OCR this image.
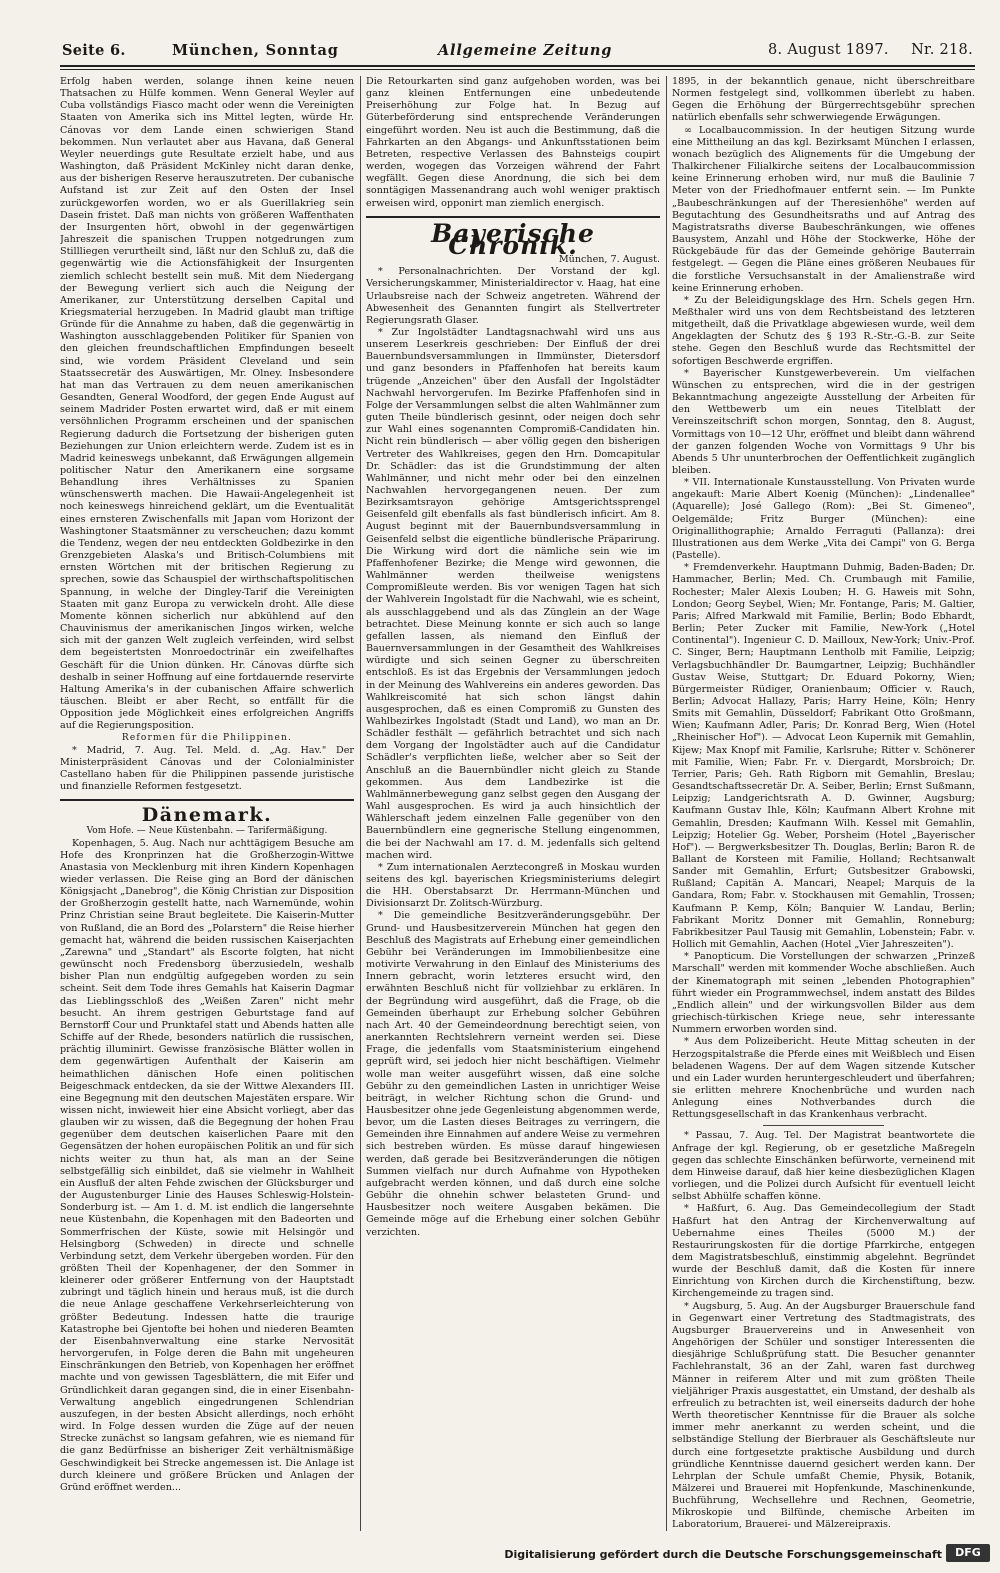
Seite 6.	München, Sonntag	Allgemeine Zeitung	8. August 1897. Nr. 218.

Erfolg haben werden, solange ihnen keine neuen Thatsachen zu Hülfe kommen. Wenn General Weyler auf Cuba vollständigs Fiasco macht oder wenn die Vereinigten Staaten von Amerika sich ins Mittel legten, würde Hr. Cánovas vor dem Lande einen schwierigen Stand bekommen. Nun verlautet aber aus Havana, daß General Weyler neuerdings gute Resultate erzielt habe, und aus Washington, daß Präsident McKinley nicht daran denke, aus der bisherigen Reserve herauszutreten. Der cubanische Aufstand ist zur Zeit auf den Osten der Insel zurückgeworfen worden, wo er als Guerillakrieg sein Dasein fristet. Daß man nichts von größeren Waffenthaten der Insurgenten hört, obwohl in der gegenwärtigen Jahreszeit die spanischen Truppen notgedrungen zum Stillliegen verurtheilt sind, läßt nur den Schluß zu, daß die gegenwärtig wie die Actionsfähigkeit der Insurgenten ziemlich schlecht bestellt sein muß. Mit dem Niedergang der Bewegung verliert sich auch die Neigung der Amerikaner, zur Unterstützung derselben Capital und Kriegsmaterial herzugeben. In Madrid glaubt man triftige Gründe für die Annahme zu haben, daß die gegenwärtig in Washington ausschlaggebenden Politiker für Spanien von den gleichen freundschaftlichen Empfindungen beseelt sind, wie vordem Präsident Cleveland und sein Staatssecretär des Auswärtigen, Mr. Olney. Insbesondere hat man das Vertrauen zu dem neuen amerikanischen Gesandten, General Woodford, der gegen Ende August auf seinem Madrider Posten erwartet wird, daß er mit einem versöhnlichen Programm erscheinen und der spanischen Regierung dadurch die Fortsetzung der bisherigen guten Beziehungen zur Union erleichtern werde. Zudem ist es in Madrid keineswegs unbekannt, daß Erwägungen allgemein politischer Natur den Amerikanern eine sorgsame Behandlung ihres Verhältnisses zu Spanien wünschenswerth machen. Die Hawaii-Angelegenheit ist noch keineswegs hinreichend geklärt, um die Eventualität eines ernsteren Zwischenfalls mit Japan vom Horizont der Washingtoner Staatsmänner zu verscheuchen; dazu kommt die Tendenz, wegen der neu entdeckten Goldbezirke in den Grenzgebieten Alaska's und Britisch-Columbiens mit ernsten Wörtchen mit der britischen Regierung zu sprechen, sowie das Schauspiel der wirthschaftspolitischen Spannung, in welche der Dingley-Tarif die Vereinigten Staaten mit ganz Europa zu verwickeln droht. Alle diese Momente können sicherlich nur abkühlend auf den Chauvinismus der amerikanischen Jingos wirken, welche sich mit der ganzen Welt zugleich verfeinden, wird selbst dem begeistertsten Monroedoctrinär ein zweifelhaftes Geschäft für die Union dünken. Hr. Cánovas dürfte sich deshalb in seiner Hoffnung auf eine fortdauernde reservirte Haltung Amerika's in der cubanischen Affaire schwerlich täuschen. Bleibt er aber Recht, so entfällt für die Opposition jede Möglichkeit eines erfolgreichen Angriffs auf die Regierungsposition.

Reformen für die Philippinen.

* Madrid, 7. Aug. Tel. Meld. d. „Ag. Hav." Der Ministerpräsident Cánovas und der Colonialminister Castellano haben für die Philippinen passende juristische und finanzielle Reformen festgesetzt.

Dänemark.

Vom Hofe. — Neue Küstenbahn. — Tarifermäßigung.

Kopenhagen, 5. Aug. Nach nur achttägigem Besuche am Hofe des Kronprinzen hat die Großherzogin-Wittwe Anastasia von Mecklenburg mit ihren Kindern Kopenhagen wieder verlassen. Die Reise ging an Bord der dänischen Königsjacht „Danebrog", die König Christian zur Disposition der Großherzogin gestellt hatte, nach Warnemünde, wohin Prinz Christian seine Braut begleitete. Die Kaiserin-Mutter von Rußland, die an Bord des „Polarstern" die Reise hierher gemacht hat, während die beiden russischen Kaiserjachten „Zarewna" und „Standart" als Escorte folgten, hat nicht gewünscht noch Fredensborg überzusiedeln, weshalb bisher Plan nun endgültig aufgegeben worden zu sein scheint. Seit dem Tode ihres Gemahls hat Kaiserin Dagmar das Lieblingsschloß des „Weißen Zaren" nicht mehr besucht. An ihrem gestrigen Geburtstage fand auf Bernstorff Cour und Prunktafel statt und Abends hatten alle Schiffe auf der Rhede, besonders natürlich die russischen, prächtig illuminirt. Gewisse französische Blätter wollen in dem gegenwärtigen Aufenthalt der Kaiserin am heimathlichen dänischen Hofe einen politischen Beigeschmack entdecken, da sie der Wittwe Alexanders III. eine Begegnung mit den deutschen Majestäten erspare. Wir wissen nicht, inwieweit hier eine Absicht vorliegt, aber das glauben wir zu wissen, daß die Begegnung der hohen Frau gegenüber dem deutschen kaiserlichen Paare mit den Gegensätzen der hohen europäischen Politik an und für sich nichts weiter zu thun hat, als man an der Seine selbstgefällig sich einbildet, daß sie vielmehr in Wahlheit ein Ausfluß der alten Fehde zwischen der Glücksburger und der Augustenburger Linie des Hauses Schleswig-Holstein-Sonderburg ist. — Am 1. d. M. ist endlich die langersehnte neue Küstenbahn, die Kopenhagen mit den Badeorten und Sommerfrischen der Küste, sowie mit Helsingör und Helsingborg (Schweden) in directe und schnelle Verbindung setzt, dem Verkehr übergeben worden. Für den größten Theil der Kopenhagener, der den Sommer in kleinerer oder größerer Entfernung von der Hauptstadt zubringt und täglich hinein und heraus muß, ist die durch die neue Anlage geschaffene Verkehrserleichterung von größter Bedeutung. Indessen hatte die traurige Katastrophe bei Gjentofte bei hohen und niederen Beamten der Eisenbahnverwaltung eine starke Nervosität hervorgerufen, in Folge deren die Bahn mit ungeheuren Einschränkungen den Betrieb, von Kopenhagen her eröffnet machte und von gewissen Tagesblättern, die mit Eifer und Gründlichkeit daran gegangen sind, die in einer Eisenbahn-Verwaltung angeblich eingedrungenen Schlendrian auszufegen, in der besten Absicht allerdings, noch erhöht wird. In Folge dessen wurden die Züge auf der neuen Strecke zunächst so langsam gefahren, wie es niemand für die ganz Bedürfnisse an bisheriger Zeit verhältnismäßige Geschwindigkeit bei Strecke angemessen ist. Die Anlage ist durch kleinere und größere Brücken und Anlagen der Gründ eröffnet werden...

Die Retourkarten sind ganz aufgehoben worden, was bei ganz kleinen Entfernungen eine unbedeutende Preiserhöhung zur Folge hat. In Bezug auf Güterbeförderung sind entsprechende Veränderungen eingeführt worden. Neu ist auch die Bestimmung, daß die Fahrkarten an den Abgangs- und Ankunftsstationen beim Betreten, respective Verlassen des Bahnsteigs coupirt werden, wogegen das Vorzeigen während der Fahrt wegfällt. Gegen diese Anordnung, die sich bei dem sonntägigen Massenandrang auch wohl weniger praktisch erweisen wird, opponirt man ziemlich energisch.

Bayerische Chronik.

München, 7. August.

* Personalnachrichten. Der Vorstand der kgl. Versicherungskammer, Ministerialdirector v. Haag, hat eine Urlaubsreise nach der Schweiz angetreten. Während der Abwesenheit des Genannten fungirt als Stellvertreter Regierungsrath Glaser.

* Zur Ingolstädter Landtagsnachwahl wird uns aus unserem Leserkreis geschrieben: Der Einfluß der drei Bauernbundsversammlungen in Ilmmünster, Dietersdorf und ganz besonders in Pfaffenhofen hat bereits kaum trügende „Anzeichen" über den Ausfall der Ingolstädter Nachwahl hervorgerufen. Im Bezirke Pfaffenhofen sind in Folge der Versammlungen selbst die alten Wahlmänner zum guten Theile bündlerisch gesinnt, oder neigen doch sehr zur Wahl eines sogenannten Compromiß-Candidaten hin. Nicht rein bündlerisch — aber völlig gegen den bisherigen Vertreter des Wahlkreises, gegen den Hrn. Domcapitular Dr. Schädler: das ist die Grundstimmung der alten Wahlmänner, und nicht mehr oder bei den einzelnen Nachwahlen hervorgegangenen neuen. Der zum Bezirksamtsrayon gehörige Amtsgerichtssprengel Geisenfeld gilt ebenfalls als fast bündlerisch inficirt. Am 8. August beginnt mit der Bauernbundsversammlung in Geisenfeld selbst die eigentliche bündlerische Präparirung. Die Wirkung wird dort die nämliche sein wie im Pfaffenhofener Bezirke; die Menge wird gewonnen, die Wahlmänner werden theilweise wenigstens Compromißleute werden. Bis vor wenigen Tagen hat sich der Wahlverein Ingolstadt für die Nachwahl, wie es scheint, als ausschlaggebend und als das Zünglein an der Wage betrachtet. Diese Meinung konnte er sich auch so lange gefallen lassen, als niemand den Einfluß der Bauernversammlungen in der Gesamtheit des Wahlkreises würdigte und sich seinen Gegner zu überschreiten entschloß. Es ist das Ergebnis der Versammlungen jedoch in der Meinung des Wahlvereins ein anderes geworden. Das Wahlkreiscomité hat sich schon längst dahin ausgesprochen, daß es einen Compromiß zu Gunsten des Wahlbezirkes Ingolstadt (Stadt und Land), wo man an Dr. Schädler festhält — gefährlich betrachtet und sich nach dem Vorgang der Ingolstädter auch auf die Candidatur Schädler's verpflichten ließe, welcher aber so Seit der Anschluß an die Bauernbündler nicht gleich zu Stande gekommen. Aus dem Landbezirke ist die Wahlmännerbewegung ganz selbst gegen den Ausgang der Wahl ausgesprochen. Es wird ja auch hinsichtlich der Wählerschaft jedem einzelnen Falle gegenüber von den Bauernbündlern eine gegnerische Stellung eingenommen, die bei der Nachwahl am 17. d. M. jedenfalls sich geltend machen wird.

* Zum internationalen Aerztecongreß in Moskau wurden seitens des kgl. bayerischen Kriegsministeriums delegirt die HH. Oberstabsarzt Dr. Herrmann-München und Divisionsarzt Dr. Zolitsch-Würzburg.

* Die gemeindliche Besitzveränderungsgebühr. Der Grund- und Hausbesitzerverein München hat gegen den Beschluß des Magistrats auf Erhebung einer gemeindlichen Gebühr bei Veränderungen im Immobilienbesitze eine motivirte Verwahrung in den Einlauf des Ministeriums des Innern gebracht, worin letzteres ersucht wird, den erwähnten Beschluß nicht für vollziehbar zu erklären. In der Begründung wird ausgeführt, daß die Frage, ob die Gemeinden überhaupt zur Erhebung solcher Gebühren nach Art. 40 der Gemeindeordnung berechtigt seien, von anerkannten Rechtslehrern verneint werden sei. Diese Frage, die jedenfalls vom Staatsministerium eingehend geprüft wird, sei jedoch hier nicht beschäftigen. Vielmehr wolle man weiter ausgeführt wissen, daß eine solche Gebühr zu den gemeindlichen Lasten in unrichtiger Weise beiträgt, in welcher Richtung schon die Grund- und Hausbesitzer ohne jede Gegenleistung abgenommen werde, bevor, um die Lasten dieses Beitrages zu verringern, die Gemeinden ihre Einnahmen auf andere Weise zu vermehren sich bestreben würden. Es müsse darauf hingewiesen werden, daß gerade bei Besitzveränderungen die nötigen Summen vielfach nur durch Aufnahme von Hypotheken aufgebracht werden können, und daß durch eine solche Gebühr die ohnehin schwer belasteten Grund- und Hausbesitzer noch weitere Ausgaben bekämen. Die Gemeinde möge auf die Erhebung einer solchen Gebühr verzichten.

1895, in der bekanntlich genaue, nicht überschreitbare Normen festgelegt sind, vollkommen überlebt zu haben. Gegen die Erhöhung der Bürgerrechtsgebühr sprechen natürlich ebenfalls sehr schwerwiegende Erwägungen.

∞ Localbaucommission. In der heutigen Sitzung wurde eine Mittheilung an das kgl. Bezirksamt München I erlassen, wonach bezüglich des Alignements für die Umgebung der Thalkirchener Filialkirche seitens der Localbaucommission keine Erinnerung erhoben wird, nur muß die Baulinie 7 Meter von der Friedhofmauer entfernt sein. — Im Punkte „Baubeschränkungen auf der Theresienhöhe" werden auf Begutachtung des Gesundheitsraths und auf Antrag des Magistratsraths diverse Baubeschränkungen, wie offenes Bausystem, Anzahl und Höhe der Stockwerke, Höhe der Rückgebäude für das der Gemeinde gehörige Bauterrain festgelegt. — Gegen die Pläne eines größeren Neubaues für die forstliche Versuchsanstalt in der Amalienstraße wird keine Erinnerung erhoben.

* Zu der Beleidigungsklage des Hrn. Schels gegen Hrn. Meßthaler wird uns von dem Rechtsbeistand des letzteren mitgetheilt, daß die Privatklage abgewiesen wurde, weil dem Angeklagten der Schutz des § 193 R.-Str.-G.-B. zur Seite stehe. Gegen den Beschluß wurde das Rechtsmittel der sofortigen Beschwerde ergriffen.

* Bayerischer Kunstgewerbeverein. Um vielfachen Wünschen zu entsprechen, wird die in der gestrigen Bekanntmachung angezeigte Ausstellung der Arbeiten für den Wettbewerb um ein neues Titelblatt der Vereinszeitschrift schon morgen, Sonntag, den 8. August, Vormittags von 10—12 Uhr, eröffnet und bleibt dann während der ganzen folgenden Woche von Vormittags 9 Uhr bis Abends 5 Uhr ununterbrochen der Oeffentlichkeit zugänglich bleiben.

* VII. Internationale Kunstausstellung. Von Privaten wurde angekauft: Marie Albert Koenig (München): „Lindenallee" (Aquarelle); José Gallego (Rom): „Bei St. Gimeneo", Oelgemälde; Fritz Burger (München): eine Originallithographie; Arnaldo Ferraguti (Pallanza): drei Illustrationen aus dem Werke „Vita dei Campi" von G. Berga (Pastelle).

* Fremdenverkehr. Hauptmann Duhmig, Baden-Baden; Dr. Hammacher, Berlin; Med. Ch. Crumbaugh mit Familie, Rochester; Maler Alexis Louben; H. G. Haweis mit Sohn, London; Georg Seybel, Wien; Mr. Fontange, Paris; M. Galtier, Paris; Alfred Markwald mit Familie, Berlin; Bodo Ebhardt, Berlin; Peter Zucker mit Familie, New-York („Hotel Continental"). Ingenieur C. D. Mailloux, New-York; Univ.-Prof. C. Singer, Bern; Hauptmann Lentholb mit Familie, Leipzig; Verlagsbuchhändler Dr. Baumgartner, Leipzig; Buchhändler Gustav Weise, Stuttgart; Dr. Eduard Pokorny, Wien; Bürgermeister Rüdiger, Oranienbaum; Officier v. Rauch, Berlin; Advocat Hallazy, Paris; Harry Heine, Köln; Henry Smits mit Gemahlin, Düsseldorf; Fabrikant Otto Großmann, Wien; Kaufmann Adler, Paris; Dr. Konrad Berg, Wien (Hotel „Rheinischer Hof"). — Advocat Leon Kupernik mit Gemahlin, Kijew; Max Knopf mit Familie, Karlsruhe; Ritter v. Schönerer mit Familie, Wien; Fabr. Fr. v. Diergardt, Morsbroich; Dr. Terrier, Paris; Geh. Rath Rigborn mit Gemahlin, Breslau; Gesandtschaftssecretär Dr. A. Seiber, Berlin; Ernst Sußmann, Leipzig; Landgerichtsrath A. D. Gwinner, Augsburg; Kaufmann Gustav Ihle, Köln; Kaufmann Albert Krohne mit Gemahlin, Dresden; Kaufmann Wilh. Kessel mit Gemahlin, Leipzig; Hotelier Gg. Weber, Porsheim (Hotel „Bayerischer Hof"). — Bergwerksbesitzer Th. Douglas, Berlin; Baron R. de Ballant de Korsteen mit Familie, Holland; Rechtsanwalt Sander mit Gemahlin, Erfurt; Gutsbesitzer Grabowski, Rußland; Capitän A. Mancari, Neapel; Marquis de la Gandara, Rom; Fabr. v. Stockhausen mit Gemahlin, Trossen; Kaufmann P. Kemp, Köln; Banquier W. Landau, Berlin; Fabrikant Moritz Donner mit Gemahlin, Ronneburg; Fabrikbesitzer Paul Tausig mit Gemahlin, Lobenstein; Fabr. v. Hollich mit Gemahlin, Aachen (Hotel „Vier Jahreszeiten").

* Panopticum. Die Vorstellungen der schwarzen „Prinzeß Marschall" werden mit kommender Woche abschließen. Auch der Kinematograph mit seinen „lebenden Photographien" führt wieder ein Programmwechsel, indem anstatt des Bildes „Endlich allein" und der wirkungsvollen Bilder aus dem griechisch-türkischen Kriege neue, sehr interessante Nummern erworben worden sind.

* Aus dem Polizeibericht. Heute Mittag scheuten in der Herzogspitalstraße die Pferde eines mit Weißblech und Eisen beladenen Wagens. Der auf dem Wagen sitzende Kutscher und ein Lader wurden heruntergeschleudert und überfahren; sie erlitten mehrere Knochenbrüche und wurden nach Anlegung eines Nothverbandes durch die Rettungsgesellschaft in das Krankenhaus verbracht.

* Passau, 7. Aug. Tel. Der Magistrat beantwortete die Anfrage der kgl. Regierung, ob er gesetzliche Maßregeln gegen das schlechte Einschänken befürworte, verneinend mit dem Hinweise darauf, daß hier keine diesbezüglichen Klagen vorliegen, und die Polizei durch Aufsicht für eventuell leicht selbst Abhülfe schaffen könne.

* Haßfurt, 6. Aug. Das Gemeindecollegium der Stadt Haßfurt hat den Antrag der Kirchenverwaltung auf Uebernahme eines Theiles (5000 M.) der Restaurirungskosten für die dortige Pfarrkirche, entgegen dem Magistratsbeschluß, einstimmig abgelehnt. Begründet wurde der Beschluß damit, daß die Kosten für innere Einrichtung von Kirchen durch die Kirchenstiftung, bezw. Kirchengemeinde zu tragen sind.

* Augsburg, 5. Aug. An der Augsburger Brauerschule fand in Gegenwart einer Vertretung des Stadtmagistrats, des Augsburger Brauervereins und in Anwesenheit von Angehörigen der Schüler und sonstiger Interessenten die diesjährige Schlußprüfung statt. Die Besucher genannter Fachlehranstalt, 36 an der Zahl, waren fast durchweg Männer in reiferem Alter und mit zum größten Theile vieljähriger Praxis ausgestattet, ein Umstand, der deshalb als erfreulich zu betrachten ist, weil einerseits dadurch der hohe Werth theoretischer Kenntnisse für die Brauer als solche immer mehr anerkannt zu werden scheint, und die selbständige Stellung der Bierbrauer als Geschäftsleute nur durch eine fortgesetzte praktische Ausbildung und durch gründliche Kenntnisse dauernd gesichert werden kann. Der Lehrplan der Schule umfaßt Chemie, Physik, Botanik, Mälzerei und Brauerei mit Hopfenkunde, Maschinenkunde, Buchführung, Wechsellehre und Rechnen, Geometrie, Mikroskopie und Bilfünde, chemische Arbeiten im Laboratorium, Brauerei- und Mälzereipraxis.

Digitalisierung gefördert durch die Deutsche Forschungsgemeinschaft	DFG
